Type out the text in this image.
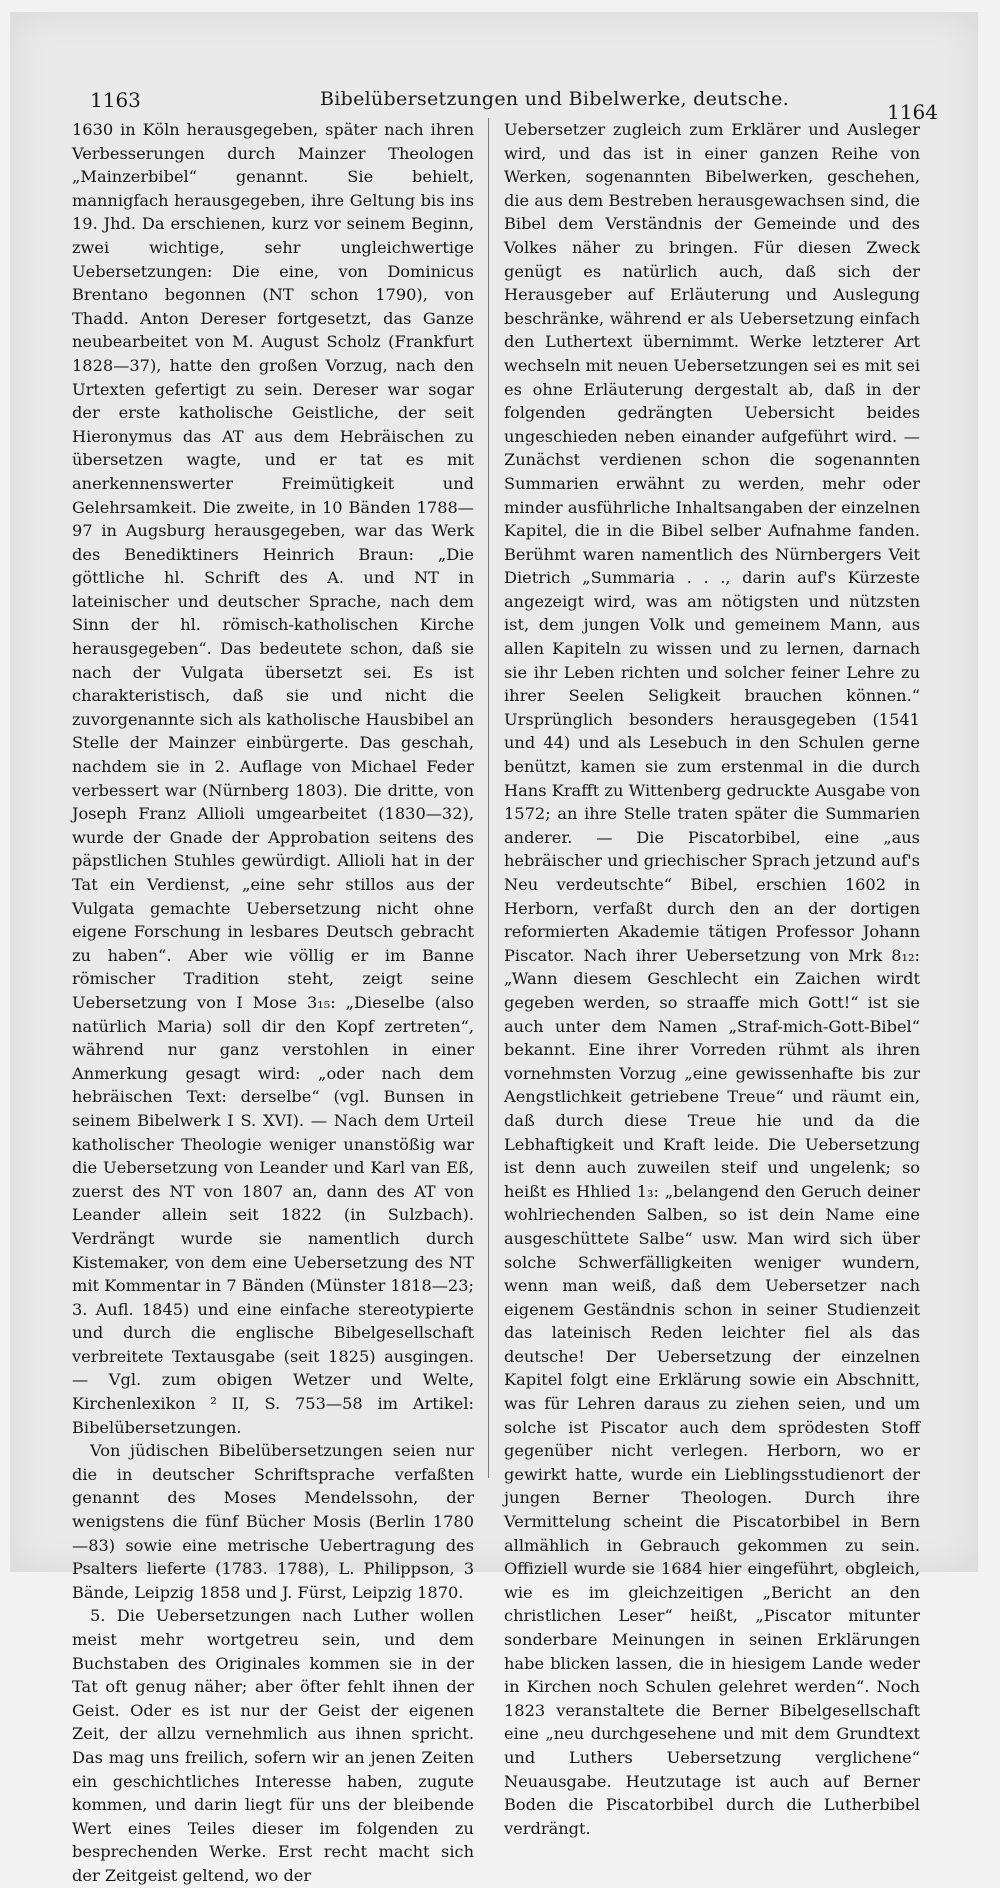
1163	Bibelübersetzungen und Bibelwerke, deutsche.
1164

1630 in Köln herausgegeben, später nach ihren Verbesserungen durch Mainzer Theologen „Mainzerbibel“ genannt. Sie behielt, mannigfach herausgegeben, ihre Geltung bis ins 19. Jhd. Da erschienen, kurz vor seinem Beginn, zwei wichtige, sehr ungleichwertige Uebersetzungen: Die eine, von Dominicus Brentano begonnen (NT schon 1790), von Thadd. Anton Dereser fortgesetzt, das Ganze neubearbeitet von M. August Scholz (Frankfurt 1828—37), hatte den großen Vorzug, nach den Urtexten gefertigt zu sein. Dereser war sogar der erste katholische Geistliche, der seit Hieronymus das AT aus dem Hebräischen zu übersetzen wagte, und er tat es mit anerkennenswerter Freimütigkeit und Gelehrsamkeit. Die zweite, in 10 Bänden 1788—97 in Augsburg herausgegeben, war das Werk des Benediktiners Heinrich Braun: „Die göttliche hl. Schrift des A. und NT in lateinischer und deutscher Sprache, nach dem Sinn der hl. römisch-katholischen Kirche herausgegeben“. Das bedeutete schon, daß sie nach der Vulgata übersetzt sei. Es ist charakteristisch, daß sie und nicht die zuvorgenannte sich als katholische Hausbibel an Stelle der Mainzer einbürgerte. Das geschah, nachdem sie in 2. Auflage von Michael Feder verbessert war (Nürnberg 1803). Die dritte, von Joseph Franz Allioli umgearbeitet (1830—32), wurde der Gnade der Approbation seitens des päpstlichen Stuhles gewürdigt. Allioli hat in der Tat ein Verdienst, „eine sehr stillos aus der Vulgata gemachte Uebersetzung nicht ohne eigene Forschung in lesbares Deutsch gebracht zu haben“. Aber wie völlig er im Banne römischer Tradition steht, zeigt seine Uebersetzung von I Mose 3₁₅: „Dieselbe (also natürlich Maria) soll dir den Kopf zertreten“, während nur ganz verstohlen in einer Anmerkung gesagt wird: „oder nach dem hebräischen Text: derselbe“ (vgl. Bunsen in seinem Bibelwerk I S. XVI). — Nach dem Urteil katholischer Theologie weniger unanstößig war die Uebersetzung von Leander und Karl van Eß, zuerst des NT von 1807 an, dann des AT von Leander allein seit 1822 (in Sulzbach). Verdrängt wurde sie namentlich durch Kistemaker, von dem eine Uebersetzung des NT mit Kommentar in 7 Bänden (Münster 1818—23; 3. Aufl. 1845) und eine einfache stereotypierte und durch die englische Bibelgesellschaft verbreitete Textausgabe (seit 1825) ausgingen. — Vgl. zum obigen Wetzer und Welte, Kirchenlexikon ² II, S. 753—58 im Artikel: Bibelübersetzungen.

Von jüdischen Bibelübersetzungen seien nur die in deutscher Schriftsprache verfaßten genannt des Moses Mendelssohn, der wenigstens die fünf Bücher Mosis (Berlin 1780—83) sowie eine metrische Uebertragung des Psalters lieferte (1783. 1788), L. Philippson, 3 Bände, Leipzig 1858 und J. Fürst, Leipzig 1870.

5. Die Uebersetzungen nach Luther wollen meist mehr wortgetreu sein, und dem Buchstaben des Originales kommen sie in der Tat oft genug näher; aber öfter fehlt ihnen der Geist. Oder es ist nur der Geist der eigenen Zeit, der allzu vernehmlich aus ihnen spricht. Das mag uns freilich, sofern wir an jenen Zeiten ein geschichtliches Interesse haben, zugute kommen, und darin liegt für uns der bleibende Wert eines Teiles dieser im folgenden zu besprechenden Werke. Erst recht macht sich der Zeitgeist geltend, wo der

Uebersetzer zugleich zum Erklärer und Ausleger wird, und das ist in einer ganzen Reihe von Werken, sogenannten Bibelwerken, geschehen, die aus dem Bestreben herausgewachsen sind, die Bibel dem Verständnis der Gemeinde und des Volkes näher zu bringen. Für diesen Zweck genügt es natürlich auch, daß sich der Herausgeber auf Erläuterung und Auslegung beschränke, während er als Uebersetzung einfach den Luthertext übernimmt. Werke letzterer Art wechseln mit neuen Uebersetzungen sei es mit sei es ohne Erläuterung dergestalt ab, daß in der folgenden gedrängten Uebersicht beides ungeschieden neben einander aufgeführt wird. — Zunächst verdienen schon die sogenannten Summarien erwähnt zu werden, mehr oder minder ausführliche Inhaltsangaben der einzelnen Kapitel, die in die Bibel selber Aufnahme fanden. Berühmt waren namentlich des Nürnbergers Veit Dietrich „Summaria . . ., darin auf's Kürzeste angezeigt wird, was am nötigsten und nützsten ist, dem jungen Volk und gemeinem Mann, aus allen Kapiteln zu wissen und zu lernen, darnach sie ihr Leben richten und solcher feiner Lehre zu ihrer Seelen Seligkeit brauchen können.“ Ursprünglich besonders herausgegeben (1541 und 44) und als Lesebuch in den Schulen gerne benützt, kamen sie zum erstenmal in die durch Hans Krafft zu Wittenberg gedruckte Ausgabe von 1572; an ihre Stelle traten später die Summarien anderer. — Die Piscatorbibel, eine „aus hebräischer und griechischer Sprach jetzund auf's Neu verdeutschte“ Bibel, erschien 1602 in Herborn, verfaßt durch den an der dortigen reformierten Akademie tätigen Professor Johann Piscator. Nach ihrer Uebersetzung von Mrk 8₁₂: „Wann diesem Geschlecht ein Zaichen wirdt gegeben werden, so straaffe mich Gott!“ ist sie auch unter dem Namen „Straf-mich-Gott-Bibel“ bekannt. Eine ihrer Vorreden rühmt als ihren vornehmsten Vorzug „eine gewissenhafte bis zur Aengstlichkeit getriebene Treue“ und räumt ein, daß durch diese Treue hie und da die Lebhaftigkeit und Kraft leide. Die Uebersetzung ist denn auch zuweilen steif und ungelenk; so heißt es Hhlied 1₃: „belangend den Geruch deiner wohlriechenden Salben, so ist dein Name eine ausgeschüttete Salbe“ usw. Man wird sich über solche Schwerfälligkeiten weniger wundern, wenn man weiß, daß dem Uebersetzer nach eigenem Geständnis schon in seiner Studienzeit das lateinisch Reden leichter fiel als das deutsche! Der Uebersetzung der einzelnen Kapitel folgt eine Erklärung sowie ein Abschnitt, was für Lehren daraus zu ziehen seien, und um solche ist Piscator auch dem sprödesten Stoff gegenüber nicht verlegen. Herborn, wo er gewirkt hatte, wurde ein Lieblingsstudienort der jungen Berner Theologen. Durch ihre Vermittelung scheint die Piscatorbibel in Bern allmählich in Gebrauch gekommen zu sein. Offiziell wurde sie 1684 hier eingeführt, obgleich, wie es im gleichzeitigen „Bericht an den christlichen Leser“ heißt, „Piscator mitunter sonderbare Meinungen in seinen Erklärungen habe blicken lassen, die in hiesigem Lande weder in Kirchen noch Schulen gelehret werden“. Noch 1823 veranstaltete die Berner Bibelgesellschaft eine „neu durchgesehene und mit dem Grundtext und Luthers Uebersetzung verglichene“ Neuausgabe. Heutzutage ist auch auf Berner Boden die Piscatorbibel durch die Lutherbibel verdrängt.
